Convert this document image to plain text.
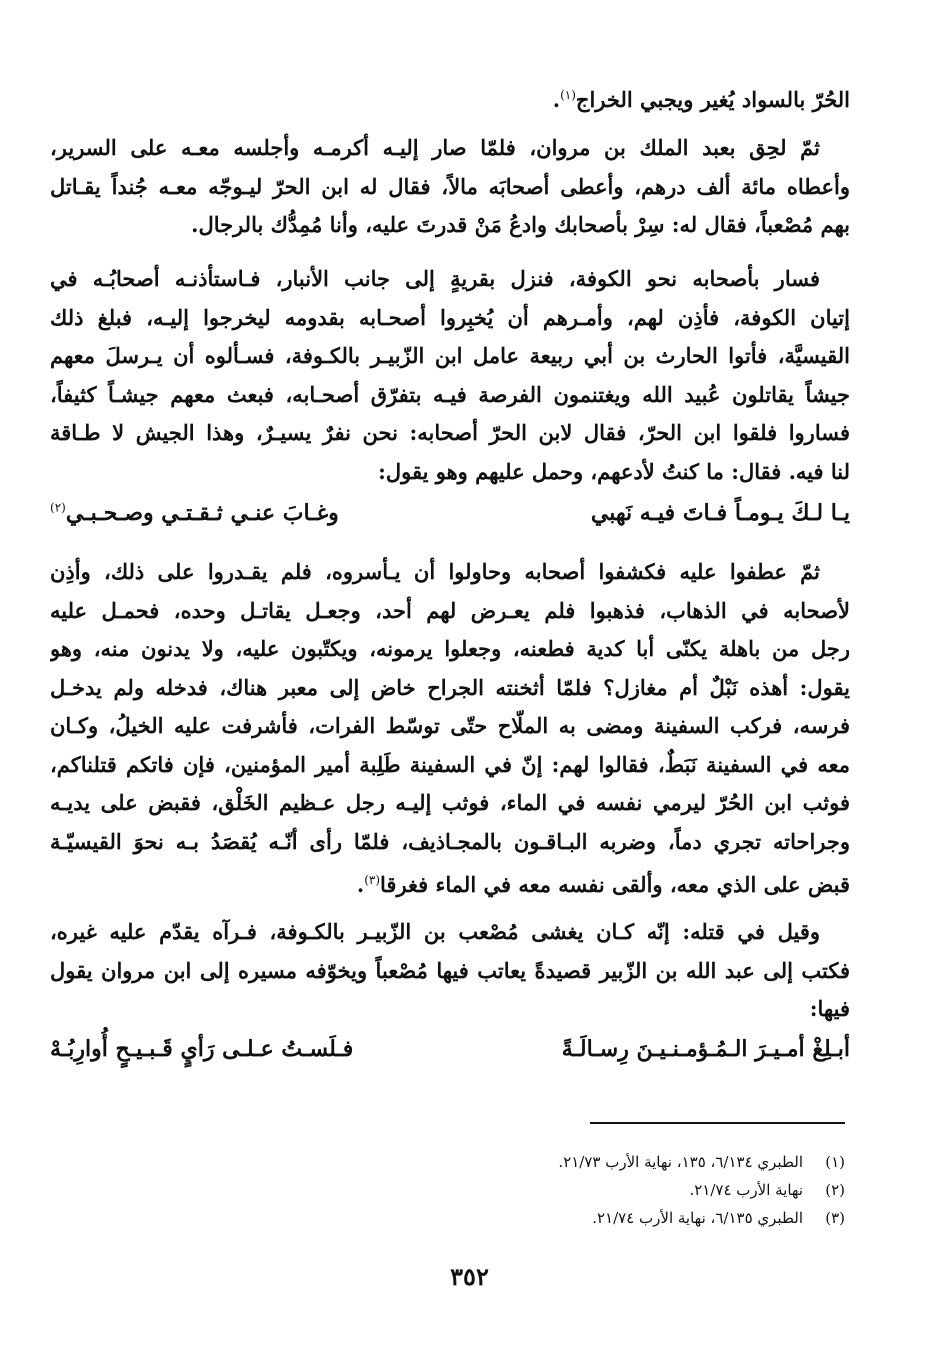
الحُرّ بالسواد يُغير ويجبي الخراج$^{(١)}$.
ثمّ لحِق بعبد الملك بن مروان، فلمّا صار إليـه أكرمـه وأجلسه معـه على السرير،
وأعطاه مائة ألف درهم، وأعطى أصحابَه مالاً، فقال له ابن الحرّ ليـوجّه معـه جُنداً يقـاتل
بهم مُصْعباً، فقال له: سِرْ بأصحابك وادعُ مَنْ قدرتَ عليه، وأنا مُمِدُّك بالرجال.
فسار بأصحابه نحو الكوفة، فنزل بقريةٍ إلى جانب الأنبار، فـاستأذنـه أصحابُـه في
إتيان الكوفة، فأذِن لهم، وأمـرهم أن يُخبِروا أصحـابه بقدومه ليخرجوا إليـه، فبلغ ذلك
القيسيَّة، فأتوا الحارث بن أبي ربيعة عامل ابن الزّبيـر بالكـوفة، فسـألوه أن يـرسلَ معهم
جيشاً يقاتلون عُبيد الله ويغتنمون الفرصة فيـه بتفرّق أصحـابه، فبعث معهم جيشـاً كثيفاً،
فساروا فلقوا ابن الحرّ، فقال لابن الحرّ أصحابه: نحن نفرٌ يسيـرٌ، وهذا الجيش لا طـاقة
لنا فيه. فقال: ما كنتُ لأدعهم، وحمل عليهم وهو يقول:
يـا لـكَ يـومـاً فـاتَ فيـه نَهبي
وغـابَ عنـي ثـقـتـي وصـحـبـي$^{(٢)}$
ثمّ عطفوا عليه فكشفوا أصحابه وحاولوا أن يـأسروه، فلم يقـدروا على ذلك، وأذِن
لأصحابه في الذهاب، فذهبوا فلم يعـرض لهم أحد، وجعـل يقاتـل وحده، فحمـل عليه
رجل من باهلة يكنّى أبا كدية فطعنه، وجعلوا يرمونه، ويكتّبون عليه، ولا يدنون منه، وهو
يقول: أهذه نَبْلٌ أم مغازل؟ فلمّا أثخنته الجراح خاض إلى معبر هناك، فدخله ولم يدخـل
فرسه، فركب السفينة ومضى به الملّاح حتّى توسّط الفرات، فأشرفت عليه الخيلُ، وكـان
معه في السفينة نَبَطٌ، فقالوا لهم: إنّ في السفينة طَلِبة أمير المؤمنين، فإن فاتكم قتلناكم،
فوثب ابن الحُرّ ليرمي نفسه في الماء، فوثب إليـه رجل عـظيم الخَلْق، فقبض على يديـه
وجراحاته تجري دماً، وضربه البـاقـون بالمجـاذيف، فلمّا رأى أنّـه يُقصَدُ بـه نحوَ القيسيّـة
قبض على الذي معه، وألقى نفسه معه في الماء فغرقا$^{(٣)}$.
وقيل في قتله: إنّه كـان يغشى مُصْعب بن الزّبيـر بالكـوفة، فـرآه يقدّم عليه غيره،
فكتب إلى عبد الله بن الزّبير قصيدةً يعاتب فيها مُصْعباً ويخوّفه مسيره إلى ابن مروان يقول
فيها:
أبـلِغْ أمـيـرَ الـمُـؤمـنـيـنَ رِسـالَـةً
فـلَسـتُ عـلـى رَأيٍ قَـبـيـحٍ أُوارِبُـهْ
(١)
الطبري ٦/١٣٤، ١٣٥، نهاية الأرب ٢١/٧٣.
(٢)
نهاية الأرب ٢١/٧٤.
(٣)
الطبري ٦/١٣٥، نهاية الأرب ٢١/٧٤.
٣٥٢
